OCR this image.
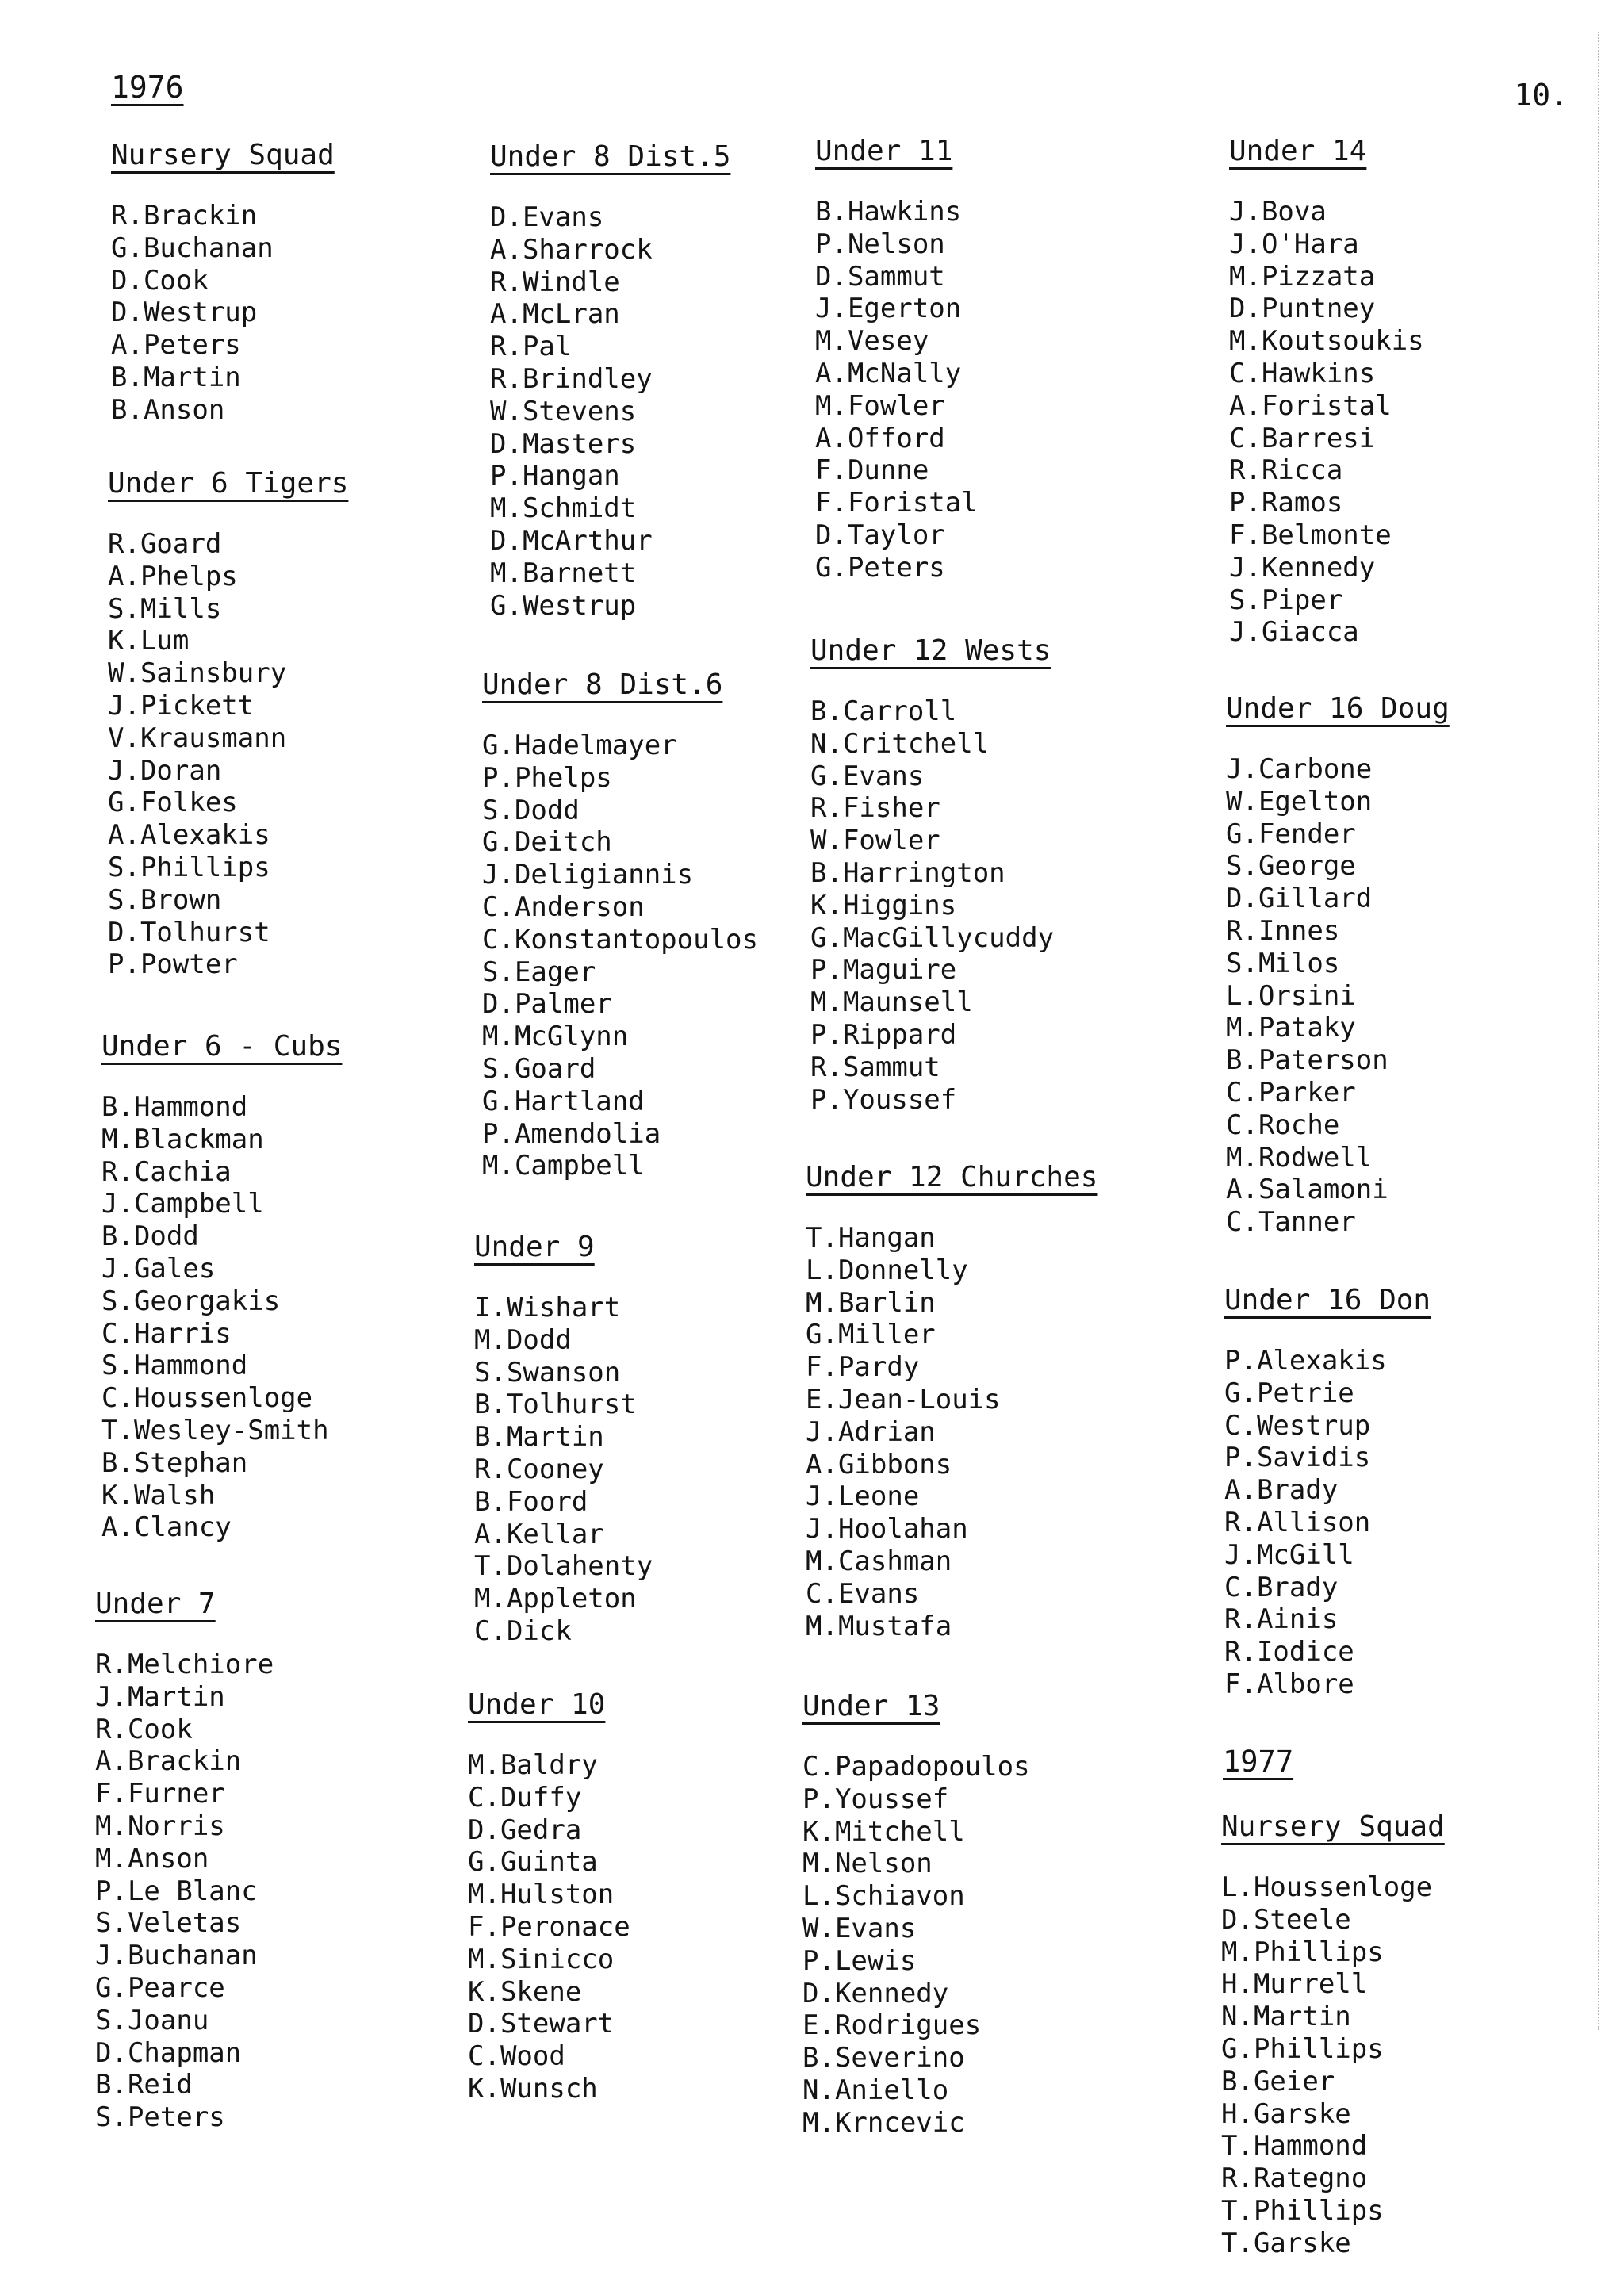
1976	10.
Nursery Squad
R.Brackin
G.Buchanan
D.Cook
D.Westrup
A.Peters
B.Martin
B.Anson
Under 6 Tigers
R.Goard
A.Phelps
S.Mills
K.Lum
W.Sainsbury
J.Pickett
V.Krausmann
J.Doran
G.Folkes
A.Alexakis
S.Phillips
S.Brown
D.Tolhurst
P.Powter
Under 6 - Cubs
B.Hammond
M.Blackman
R.Cachia
J.Campbell
B.Dodd
J.Gales
S.Georgakis
C.Harris
S.Hammond
C.Houssenloge
T.Wesley-Smith
B.Stephan
K.Walsh
A.Clancy
Under 7
R.Melchiore
J.Martin
R.Cook
A.Brackin
F.Furner
M.Norris
M.Anson
P.Le Blanc
S.Veletas
J.Buchanan
G.Pearce
S.Joanu
D.Chapman
B.Reid
S.Peters
Under 8 Dist.5
D.Evans
A.Sharrock
R.Windle
A.McLran
R.Pal
R.Brindley
W.Stevens
D.Masters
P.Hangan
M.Schmidt
D.McArthur
M.Barnett
G.Westrup
Under 8 Dist.6
G.Hadelmayer
P.Phelps
S.Dodd
G.Deitch
J.Deligiannis
C.Anderson
C.Konstantopoulos
S.Eager
D.Palmer
M.McGlynn
S.Goard
G.Hartland
P.Amendolia
M.Campbell
Under 9
I.Wishart
M.Dodd
S.Swanson
B.Tolhurst
B.Martin
R.Cooney
B.Foord
A.Kellar
T.Dolahenty
M.Appleton
C.Dick
Under 10
M.Baldry
C.Duffy
D.Gedra
G.Guinta
M.Hulston
F.Peronace
M.Sinicco
K.Skene
D.Stewart
C.Wood
K.Wunsch
Under 11
B.Hawkins
P.Nelson
D.Sammut
J.Egerton
M.Vesey
A.McNally
M.Fowler
A.Offord
F.Dunne
F.Foristal
D.Taylor
G.Peters
Under 12 Wests
B.Carroll
N.Critchell
G.Evans
R.Fisher
W.Fowler
B.Harrington
K.Higgins
G.MacGillycuddy
P.Maguire
M.Maunsell
P.Rippard
R.Sammut
P.Youssef
Under 12 Churches
T.Hangan
L.Donnelly
M.Barlin
G.Miller
F.Pardy
E.Jean-Louis
J.Adrian
A.Gibbons
J.Leone
J.Hoolahan
M.Cashman
C.Evans
M.Mustafa
Under 13
C.Papadopoulos
P.Youssef
K.Mitchell
M.Nelson
L.Schiavon
W.Evans
P.Lewis
D.Kennedy
E.Rodrigues
B.Severino
N.Aniello
M.Krncevic
Under 14
J.Bova
J.O'Hara
M.Pizzata
D.Puntney
M.Koutsoukis
C.Hawkins
A.Foristal
C.Barresi
R.Ricca
P.Ramos
F.Belmonte
J.Kennedy
S.Piper
J.Giacca
Under 16 Doug
J.Carbone
W.Egelton
G.Fender
S.George
D.Gillard
R.Innes
S.Milos
L.Orsini
M.Pataky
B.Paterson
C.Parker
C.Roche
M.Rodwell
A.Salamoni
C.Tanner
Under 16 Don
P.Alexakis
G.Petrie
C.Westrup
P.Savidis
A.Brady
R.Allison
J.McGill
C.Brady
R.Ainis
R.Iodice
F.Albore
1977
Nursery Squad
L.Houssenloge
D.Steele
M.Phillips
H.Murrell
N.Martin
G.Phillips
B.Geier
H.Garske
T.Hammond
R.Rategno
T.Phillips
T.Garske
